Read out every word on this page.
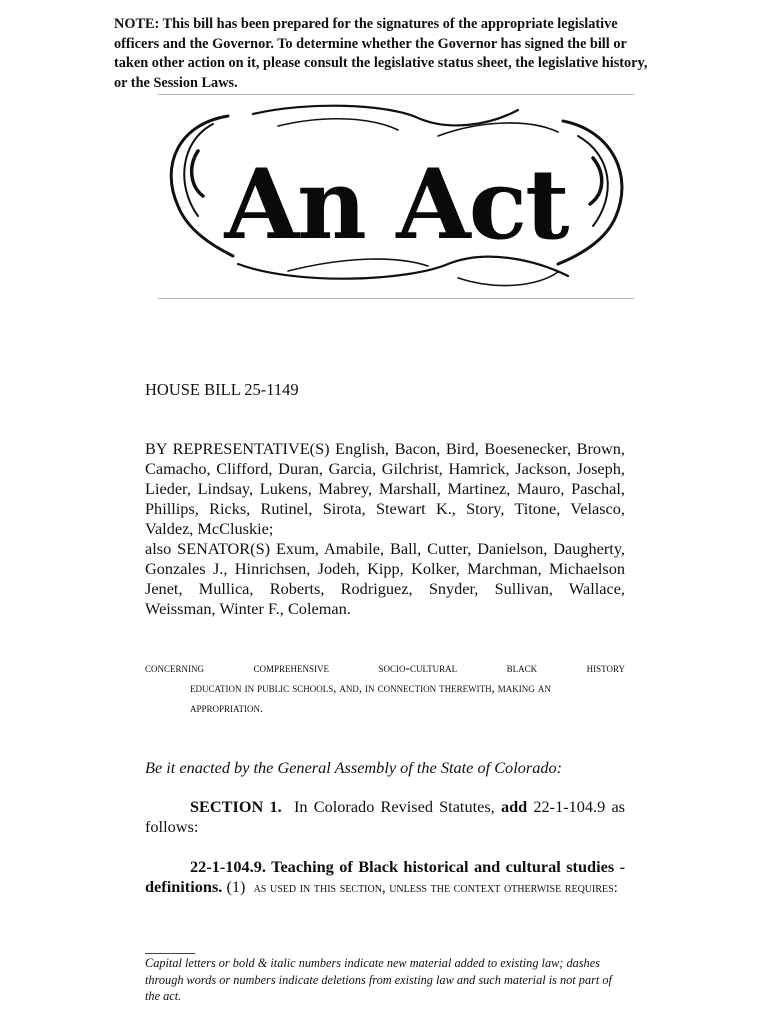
NOTE: This bill has been prepared for the signatures of the appropriate legislative officers and the Governor. To determine whether the Governor has signed the bill or taken other action on it, please consult the legislative status sheet, the legislative history, or the Session Laws.
An Act
HOUSE BILL 25-1149

BY REPRESENTATIVE(S) English, Bacon, Bird, Boesenecker, Brown, Camacho, Clifford, Duran, Garcia, Gilchrist, Hamrick, Jackson, Joseph, Lieder, Lindsay, Lukens, Mabrey, Marshall, Martinez, Mauro, Paschal, Phillips, Ricks, Rutinel, Sirota, Stewart K., Story, Titone, Velasco, Valdez, McCluskie;
also SENATOR(S) Exum, Amabile, Ball, Cutter, Danielson, Daugherty, Gonzales J., Hinrichsen, Jodeh, Kipp, Kolker, Marchman, Michaelson Jenet, Mullica, Roberts, Rodriguez, Snyder, Sullivan, Wallace, Weissman, Winter F., Coleman.

concerning comprehensive socio-cultural black history
education in public schools, and, in connection therewith, making an appropriation.
Be it enacted by the General Assembly of the State of Colorado:

SECTION 1. In Colorado Revised Statutes, add 22-1-104.9 as follows:

22-1-104.9. Teaching of Black historical and cultural studies - definitions. (1) as used in this section, unless the context otherwise requires:

Capital letters or bold & italic numbers indicate new material added to existing law; dashes through words or numbers indicate deletions from existing law and such material is not part of the act.
